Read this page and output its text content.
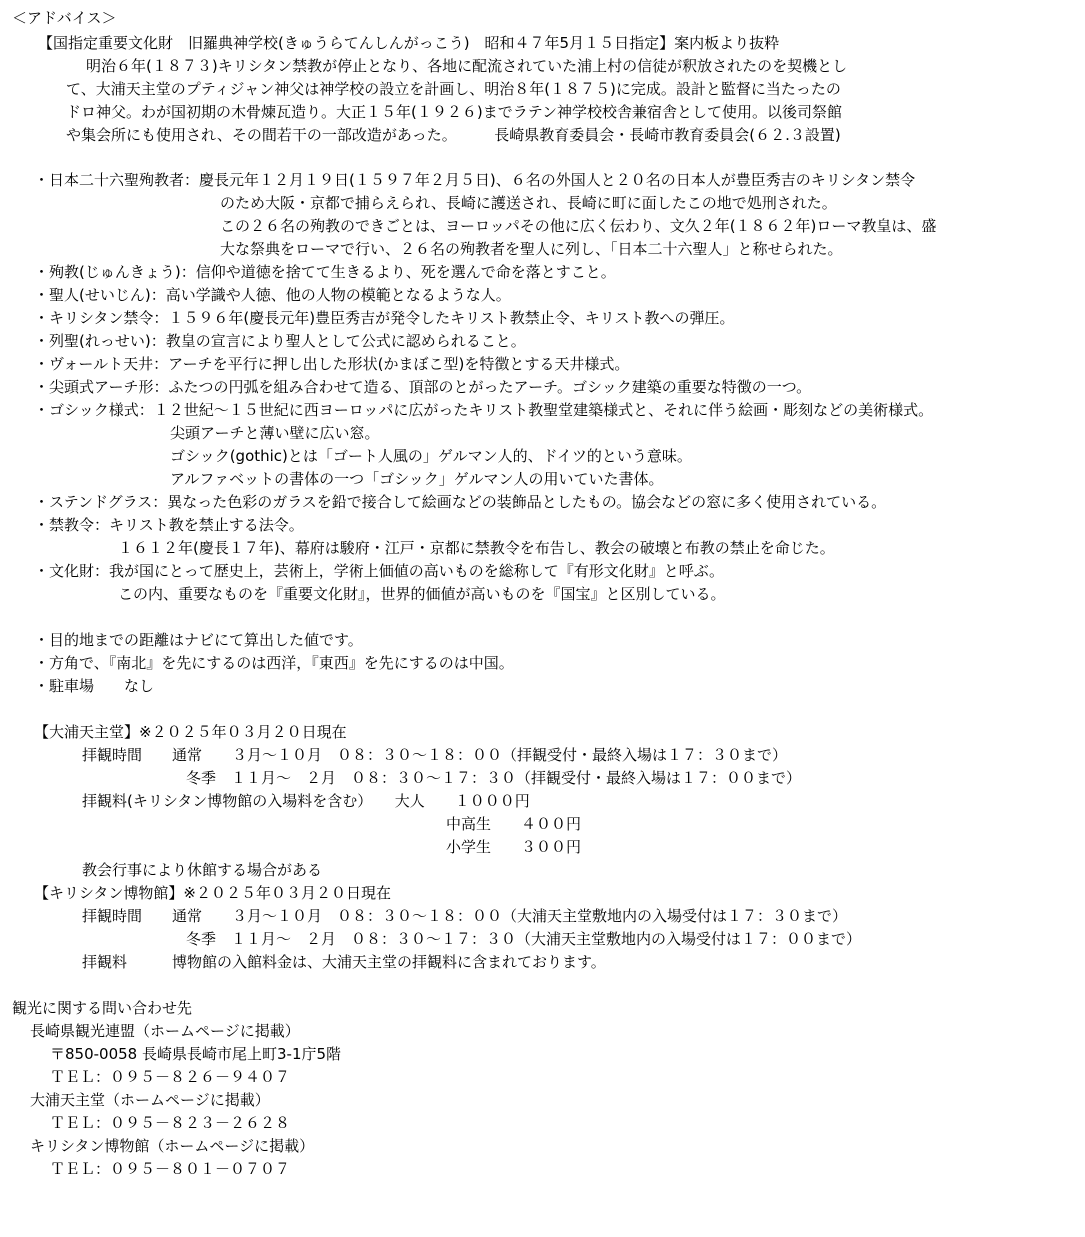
＜アドバイス＞
【国指定重要文化財　旧羅典神学校(きゅうらてんしんがっこう)　昭和４７年5月１５日指定】案内板より抜粋
明治６年(１８７３)キリシタン禁教が停止となり、各地に配流されていた浦上村の信徒が釈放されたのを契機とし
て、大浦天主堂のプティジャン神父は神学校の設立を計画し、明治８年(１８７５)に完成。設計と監督に当たったの
ドロ神父。わが国初期の木骨煉瓦造り。大正１５年(１９２６)までラテン神学校校舎兼宿舎として使用。以後司祭館
や集会所にも使用され、その間若干の一部改造があった。　　　長崎県教育委員会・長崎市教育委員会(６２.３設置)
・日本二十六聖殉教者：慶長元年１２月１９日(１５９７年２月５日)、６名の外国人と２０名の日本人が豊臣秀吉のキリシタン禁令
のため大阪・京都で捕らえられ、長崎に護送され、長崎に町に面したこの地で処刑された。
この２６名の殉教のできごとは、ヨーロッパその他に広く伝わり、文久２年(１８６２年)ローマ教皇は、盛
大な祭典をローマで行い、２６名の殉教者を聖人に列し、「日本二十六聖人」と称せられた。
・殉教(じゅんきょう)：信仰や道徳を捨てて生きるより、死を選んで命を落とすこと。
・聖人(せいじん)：高い学識や人徳、他の人物の模範となるような人。
・キリシタン禁令：１５９６年(慶長元年)豊臣秀吉が発令したキリスト教禁止令、キリスト教への弾圧。
・列聖(れっせい)：教皇の宣言により聖人として公式に認められること。
・ヴォールト天井：アーチを平行に押し出した形状(かまぼこ型)を特徴とする天井様式。
・尖頭式アーチ形：ふたつの円弧を組み合わせて造る、頂部のとがったアーチ。ゴシック建築の重要な特徴の一つ。
・ゴシック様式：１２世紀～１５世紀に西ヨーロッパに広がったキリスト教聖堂建築様式と、それに伴う絵画・彫刻などの美術様式。
尖頭アーチと薄い壁に広い窓。
ゴシック(gothic)とは「ゴート人風の」ゲルマン人的、ドイツ的という意味。
アルファベットの書体の一つ「ゴシック」ゲルマン人の用いていた書体。
・ステンドグラス：異なった色彩のガラスを鉛で接合して絵画などの装飾品としたもの。協会などの窓に多く使用されている。
・禁教令：キリスト教を禁止する法令。
１６１２年(慶長１７年)、幕府は駿府・江戸・京都に禁教令を布告し、教会の破壊と布教の禁止を命じた。
・文化財：我が国にとって歴史上，芸術上，学術上価値の高いものを総称して『有形文化財』と呼ぶ。
この内、重要なものを『重要文化財』，世界的価値が高いものを『国宝』と区別している。
・目的地までの距離はナビにて算出した値です。
・方角で、『南北』を先にするのは西洋，『東西』を先にするのは中国。
・駐車場　　なし
【大浦天主堂】※２０２５年０３月２０日現在
拝観時間　　通常　　３月～１０月　０８：３０～１８：００（拝観受付・最終入場は１７：３０まで）
冬季　１１月～　２月　０８：３０～１７：３０（拝観受付・最終入場は１７：００まで）
拝観料(キリシタン博物館の入場料を含む）　　大人　　１０００円
中高生　　４００円
小学生　　３００円
教会行事により休館する場合がある
【キリシタン博物館】※２０２５年０３月２０日現在
拝観時間　　通常　　３月～１０月　０８：３０～１８：００（大浦天主堂敷地内の入場受付は１７：３０まで）
冬季　１１月～　２月　０８：３０～１７：３０（大浦天主堂敷地内の入場受付は１７：００まで）
拝観料　　　博物館の入館料金は、大浦天主堂の拝観料に含まれております。
観光に関する問い合わせ先
長崎県観光連盟（ホームページに掲載）
〒850-0058 長崎県長崎市尾上町3-1庁5階
ＴＥＬ：０９５－８２６－９４０７
大浦天主堂（ホームページに掲載）
ＴＥＬ：０９５－８２３－２６２８
キリシタン博物館（ホームページに掲載）
ＴＥＬ：０９５－８０１－０７０７
